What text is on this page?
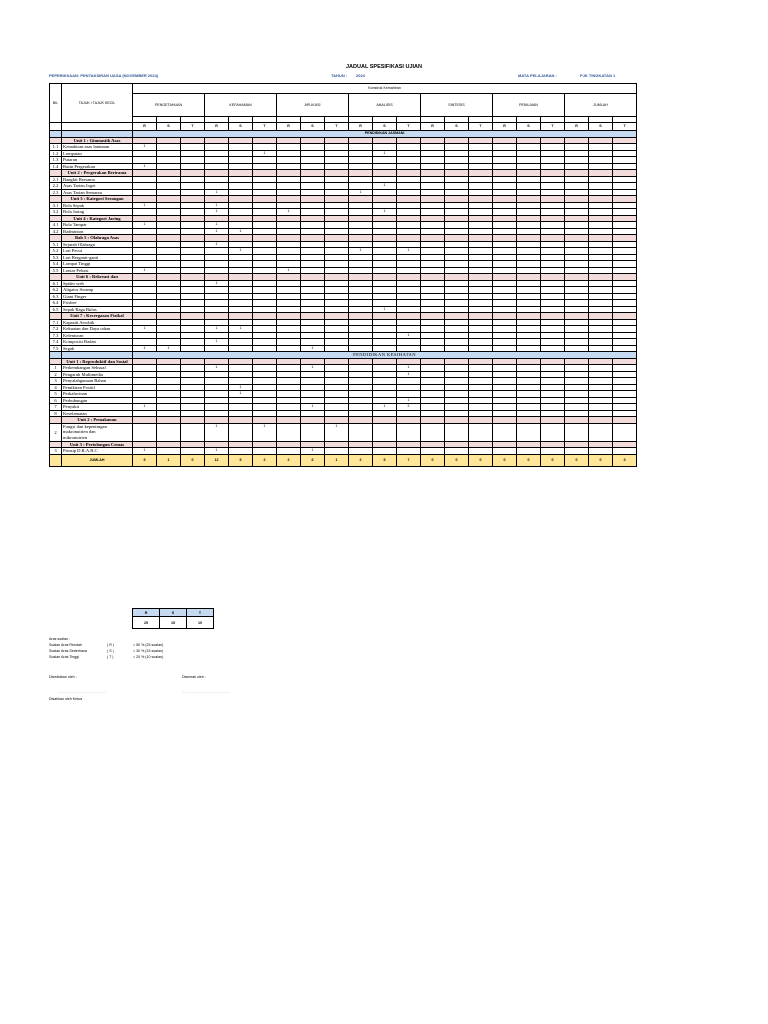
JADUAL SPESIFIKASI UJIAN
PEPERIKSAAN: PENTAKSIRAN UASA (NOVEMBER 2024)	TAHUN : 2024	MATA PELAJARAN :	PJK TINGKATAN 1
BIL	TAJUK / TAJUK KECIL	Konstruk Kemahiran																				
		PENGETAHUAN			KEFAHAMAN			APLIKASI			ANALISIS			SINTESIS			PENILAIAN			JUMLAH		

		R	S	T	R	S	T	R	S	T	R	S	T	R	S	T	R	S	T	R	S	T
		PENDIDIKAN JASMANI																				
	Unit 1 : Gimnastik Asas																					
1.1	Kemahiran asas lantunan	1																				
1.2	Lompatan						1					1										
1.3	Putaran																					
1.4	Rutin Pergerakan	1																				
	Unit 2 : Pergerakan Berirama																					
2.1	Bangkit Bersama																					
2.2	Asas Tarian Joget											1										
2.3	Asas Tarian Semarau				1						1											
	Unit 3 : Kategori Serangan																					
3.1	Bola Sepak	1			1																	
3.2	Bola Jaring				1			1				1										
	Unit 4 : Kategori Jaring																					
4.1	Bola Tampar	1			1																	
4.2	Badminton				1	1																
	Bab 5 : Olahraga Asas																					
5.1	Sejarah Olahraga				1																	
5.2	Lari Pecut					1					1		1									
5.3	Lari Berganti-ganti																					
5.4	Lompat Tinggi																					
5.5	Lontar Peluru	1						1														
	Unit 6 : Rekreasi dan																					
6.1	Spider web				1																	
6.2	Aligator Swamp																					
6.3	Giant Finger																					
6.4	Frisbee																					
6.5	Sepak Raga Bulus											1										
	Unit 7 : Kecergasan Fizikal																					
7.1	Kapasiti Aerobik																					
7.2	Kekuatan dan Daya tahan	1			1	1																
7.3	Kelenturan												1									
7.4	Komposisi Badan				1																	
7.5	Segak	1	1						1													
		PENDIDIKAN KESIHATAN																				
	Unit 1 : Reproduktif dan Sosial																					
1	Perkembangan Seksual				1				1				1									
2	Pengaruh Multimedia												1									
3	Penyalahgunaan Bahan																					
4	Pemikiran Positif					1																
5	Perkahwinan					1																
6	Perhubungan												1									
7	Penyakit	1							1			1	2									
8	Keselamatan																					
	Unit 2 : Pemakanan																					
2	Fungsi dan kepentingan
makronutrien dan
mikronutrien				1		1			1												
	Unit 3 : Pertolongan Cemas																					
3	Prinsip D.R.A.B.C	1			1				1													
	JUMLAH	9	1	0	12	5	2	2	6	1	2	5	7	0	0	0	0	0	0	0	0	0
R	S	T
25	15	10
Aras soalan :
Soalan Aras Rendah	( R )	= 50 % (25 soalan)
Soalan Aras Sederhana	( S )	= 30 % (15 soalan)
Soalan Aras Tinggi	( T )	= 20 % (10 soalan)
Disediakan oleh :	Disemak oleh :
………………………………	………………………………
Disahkan oleh Ketua
